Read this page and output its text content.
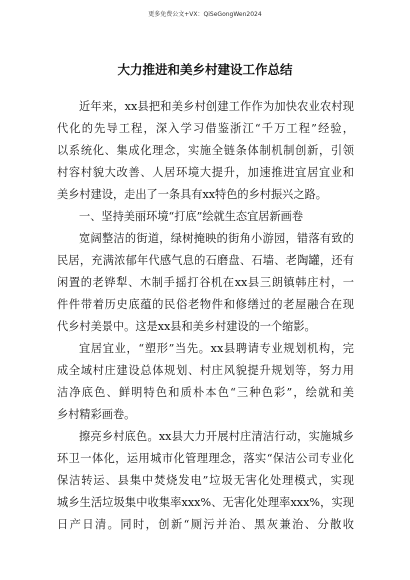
更多免费公文+VX：QiSeGongWen2024
大力推进和美乡村建设工作总结
近年来，xx县把和美乡村创建工作作为加快农业农村现
代化的先导工程，深入学习借鉴浙江“千万工程”经验，
以系统化、集成化理念，实施全链条体制机制创新，引领
村容村貌大改善、人居环境大提升，加速推进宜居宜业和
美乡村建设，走出了一条具有xx特色的乡村振兴之路。
一、坚持美丽环境“打底”绘就生态宜居新画卷
宽阔整洁的街道，绿树掩映的街角小游园，错落有致的
民居，充满浓郁年代感气息的石磨盘、石墙、老陶罐，还有
闲置的老铧犁、木制手摇打谷机在xx县三朗镇韩庄村，一
件件带着历史底蕴的民俗老物件和修缮过的老屋融合在现
代乡村美景中。这是xx县和美乡村建设的一个缩影。
宜居宜业，“塑形”当先。xx县聘请专业规划机构，完
成全域村庄建设总体规划、村庄风貌提升规划等，努力用
洁净底色、鲜明特色和质朴本色“三种色彩”，绘就和美
乡村精彩画卷。
擦亮乡村底色。xx县大力开展村庄清洁行动，实施城乡
环卫一体化，运用城市化管理理念，落实“保洁公司专业化
保洁转运、县集中焚烧发电”垃圾无害化处理模式，实现
城乡生活垃圾集中收集率xxx%、无害化处理率xxx%，实现
日产日清。同时，创新“厕污并治、黑灰兼治、分散收
